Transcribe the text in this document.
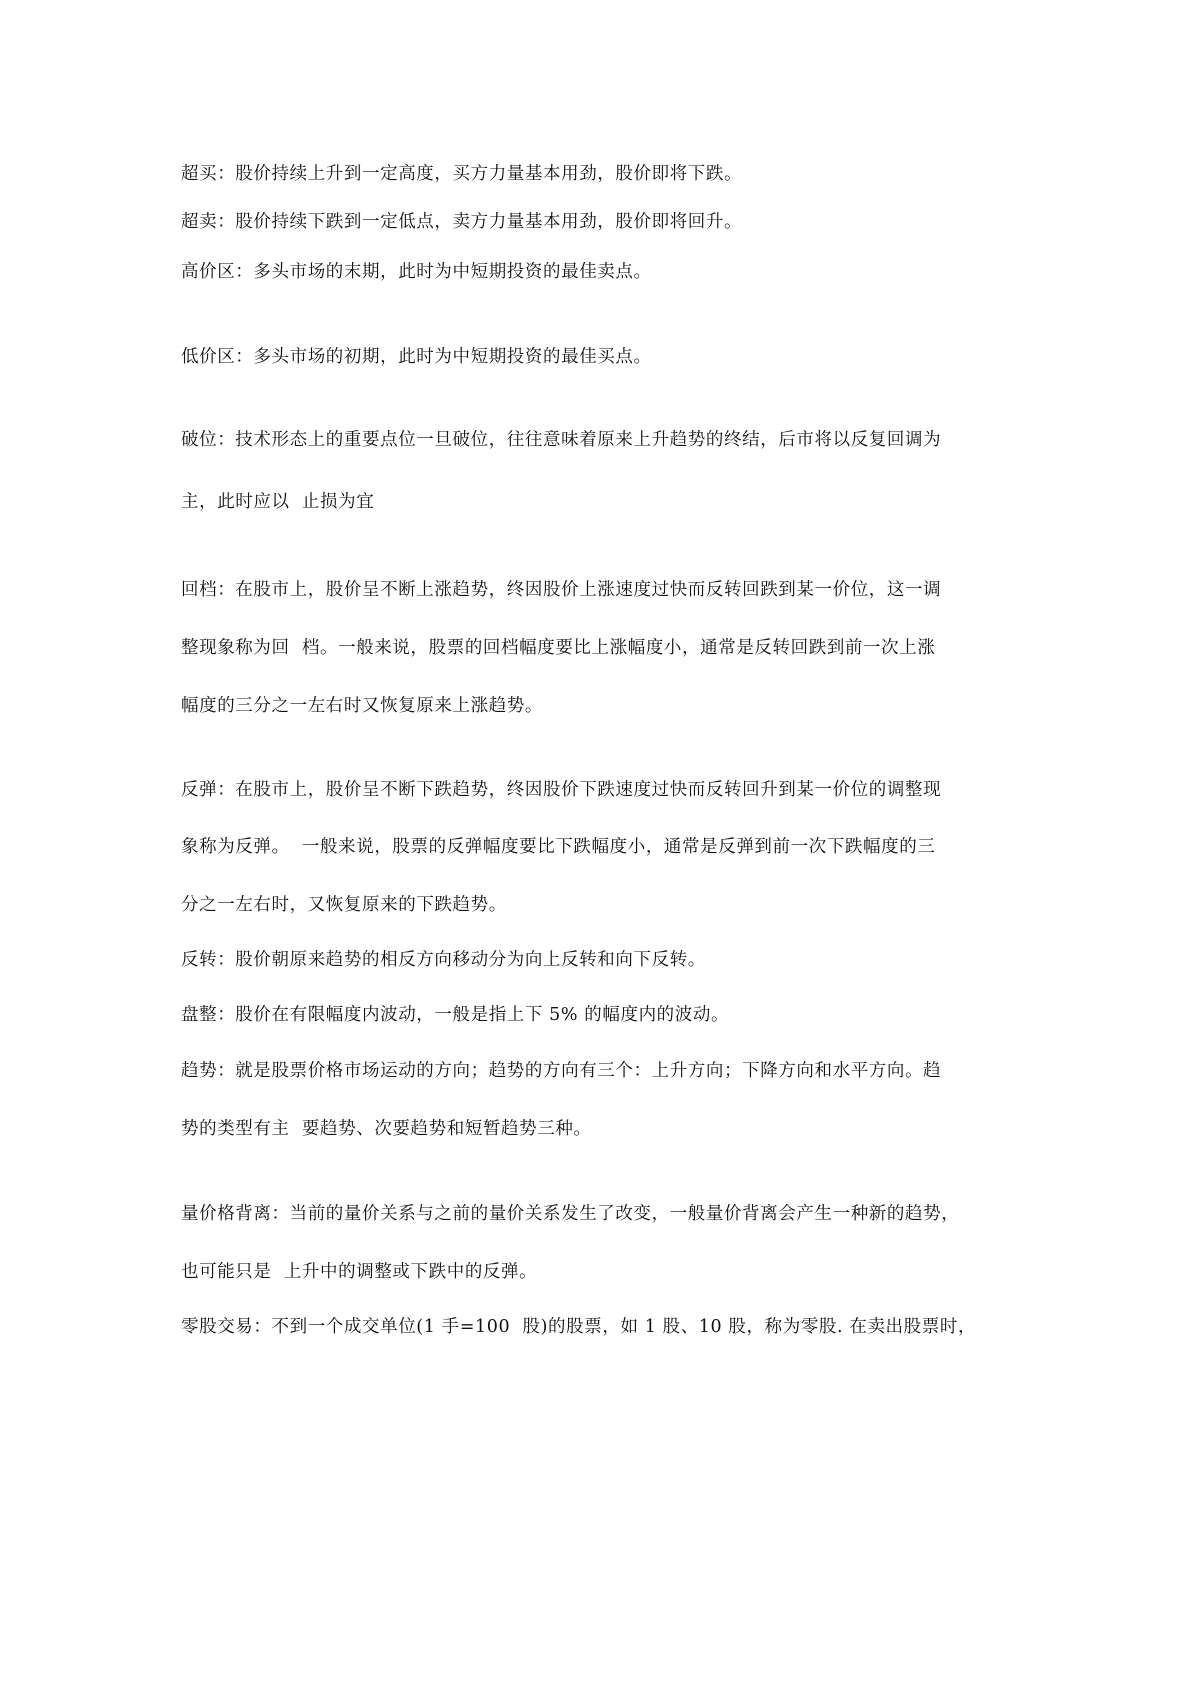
超买：股价持续上升到一定高度，买方力量基本用劲，股价即将下跌。

超卖：股价持续下跌到一定低点，卖方力量基本用劲，股价即将回升。

高价区：多头市场的末期，此时为中短期投资的最佳卖点。

低价区：多头市场的初期，此时为中短期投资的最佳买点。

破位：技术形态上的重要点位一旦破位，往往意味着原来上升趋势的终结，后市将以反复回调为

主，此时应以  止损为宜

回档：在股市上，股价呈不断上涨趋势，终因股价上涨速度过快而反转回跌到某一价位，这一调

整现象称为回  档。一般来说，股票的回档幅度要比上涨幅度小，通常是反转回跌到前一次上涨

幅度的三分之一左右时又恢复原来上涨趋势。

反弹：在股市上，股价呈不断下跌趋势，终因股价下跌速度过快而反转回升到某一价位的调整现

象称为反弹。  一般来说，股票的反弹幅度要比下跌幅度小，通常是反弹到前一次下跌幅度的三

分之一左右时，又恢复原来的下跌趋势。

反转：股价朝原来趋势的相反方向移动分为向上反转和向下反转。

盘整：股价在有限幅度内波动，一般是指上下 5% 的幅度内的波动。

趋势：就是股票价格市场运动的方向；趋势的方向有三个：上升方向；下降方向和水平方向。趋

势的类型有主  要趋势、次要趋势和短暂趋势三种。

量价格背离：当前的量价关系与之前的量价关系发生了改变，一般量价背离会产生一种新的趋势，

也可能只是  上升中的调整或下跌中的反弹。

零股交易：不到一个成交单位(1 手=100  股)的股票，如 1 股、10 股，称为零股. 在卖出股票时，
